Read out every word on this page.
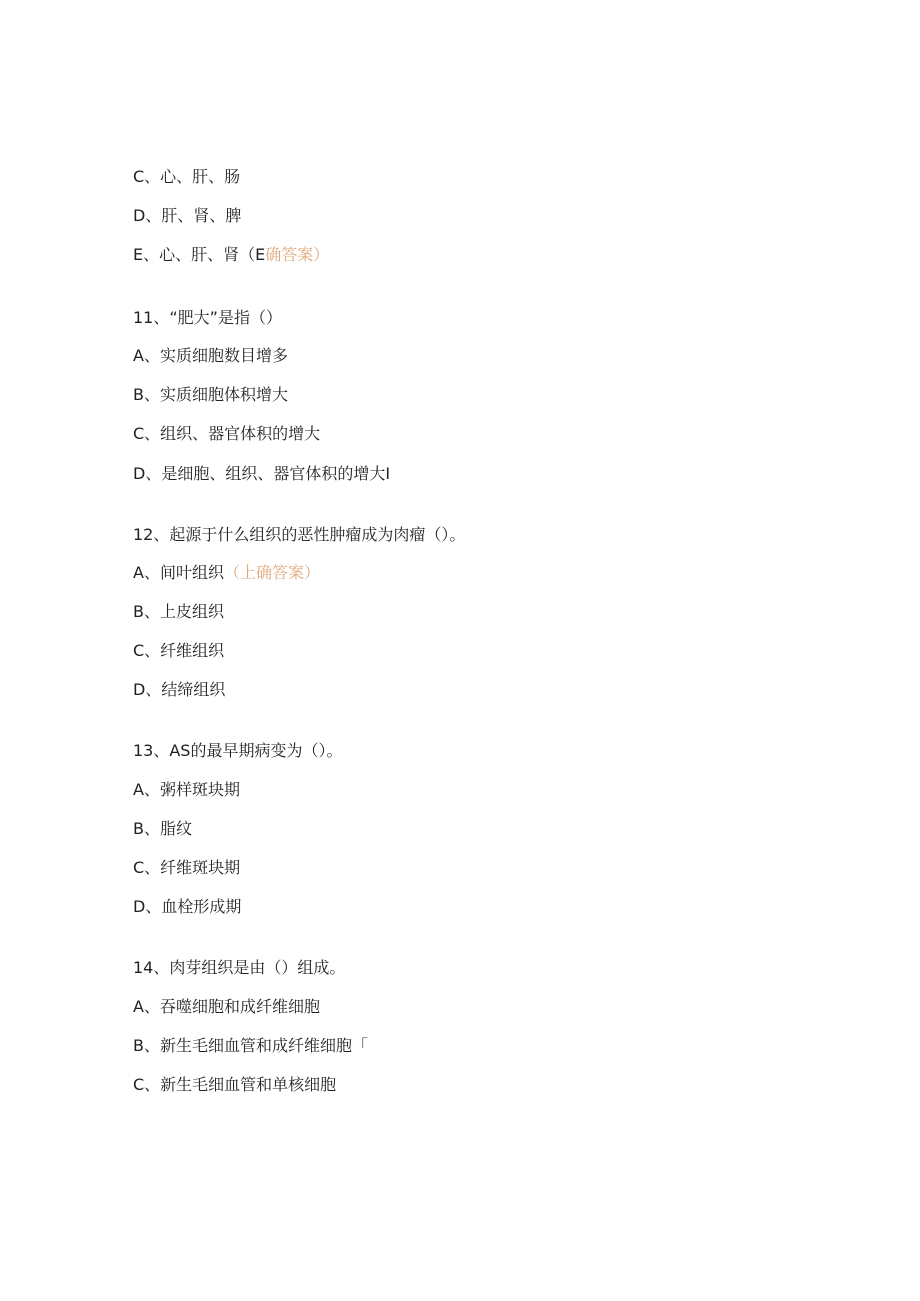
C、心、肝、肠
D、肝、肾、脾
E、心、肝、肾（E确答案）
11、“肥大”是指（）
A、实质细胞数目增多
B、实质细胞体积增大
C、组织、器官体积的增大
D、是细胞、组织、器官体积的增大I
12、起源于什么组织的恶性肿瘤成为肉瘤（）。
A、间叶组织（上确答案）
B、上皮组织
C、纤维组织
D、结缔组织
13、AS的最早期病变为（）。
A、粥样斑块期
B、脂纹
C、纤维斑块期
D、血栓形成期
14、肉芽组织是由（）组成。
A、吞噬细胞和成纤维细胞
B、新生毛细血管和成纤维细胞「
C、新生毛细血管和单核细胞
